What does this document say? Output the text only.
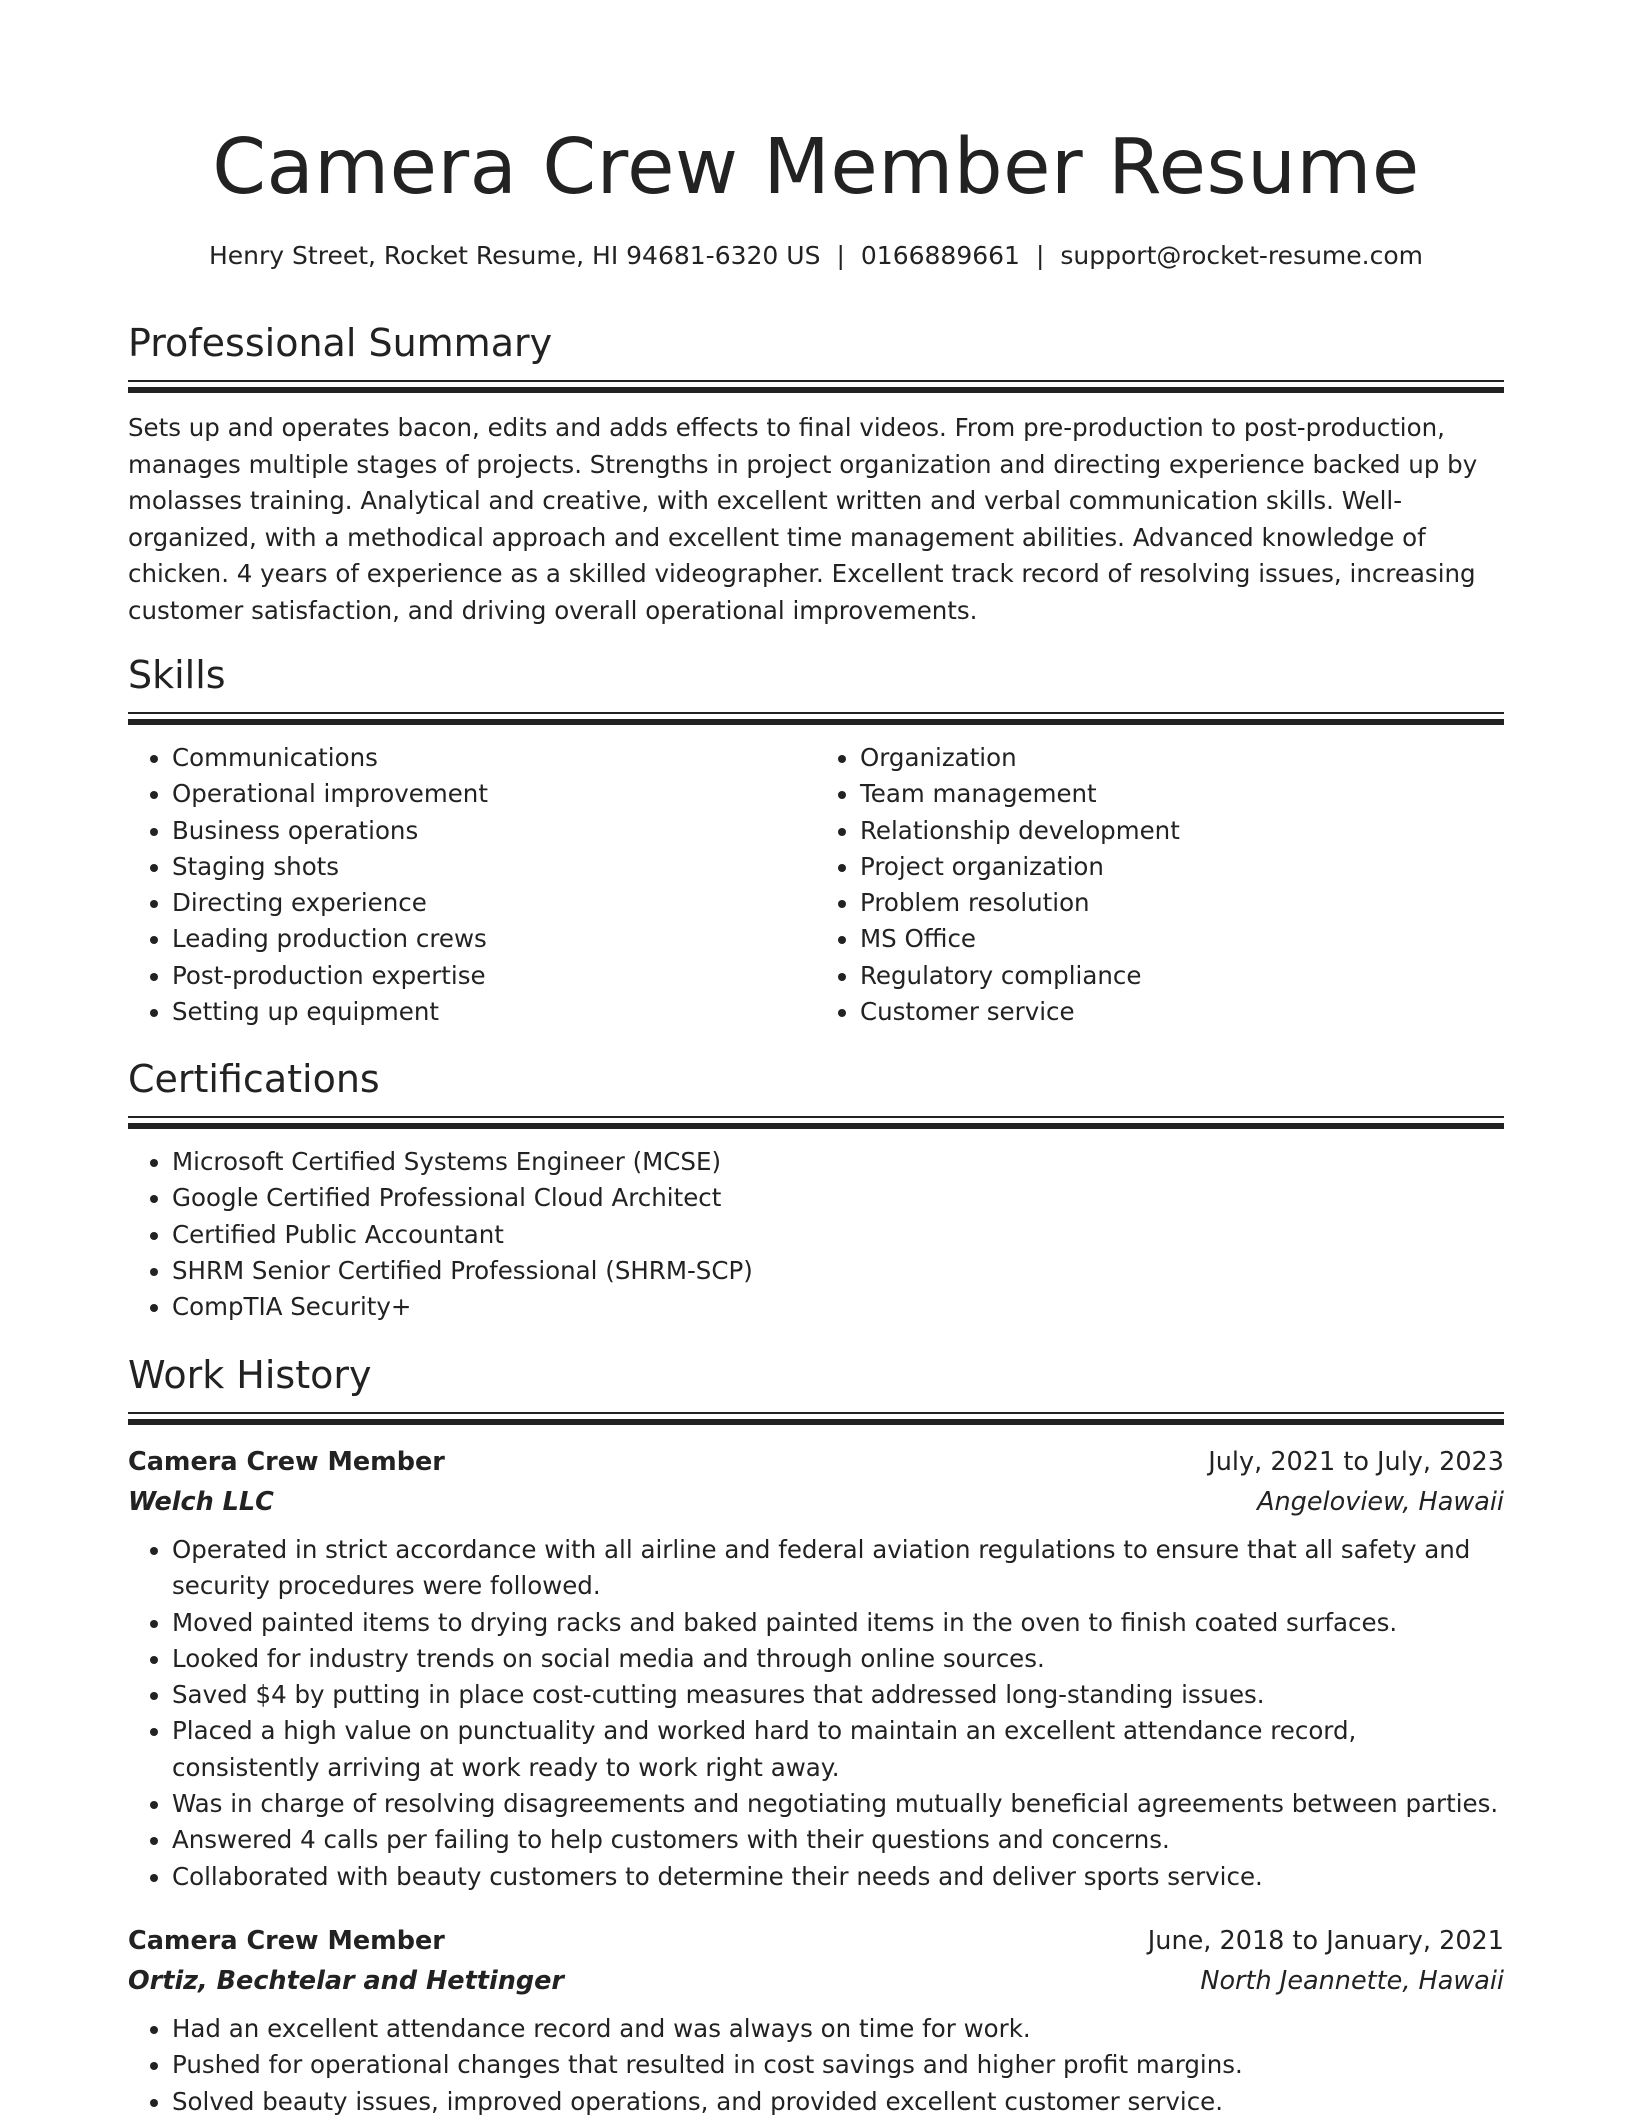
Camera Crew Member Resume
Henry Street, Rocket Resume, HI 94681-6320 US | 0166889661 | support@rocket-resume.com
Professional Summary

Sets up and operates bacon, edits and adds effects to final videos. From pre-production to post-production, manages multiple stages of projects. Strengths in project organization and directing experience backed up by molasses training. Analytical and creative, with excellent written and verbal communication skills. Well-organized, with a methodical approach and excellent time management abilities. Advanced knowledge of chicken. 4 years of experience as a skilled videographer. Excellent track record of resolving issues, increasing customer satisfaction, and driving overall operational improvements.

Skills
• Communications
• Operational improvement
• Business operations
• Staging shots
• Directing experience
• Leading production crews
• Post-production expertise
• Setting up equipment
• Organization
• Team management
• Relationship development
• Project organization
• Problem resolution
• MS Office
• Regulatory compliance
• Customer service
Certifications
• Microsoft Certified Systems Engineer (MCSE)
• Google Certified Professional Cloud Architect
• Certified Public Accountant
• SHRM Senior Certified Professional (SHRM-SCP)
• CompTIA Security+
Work History
Camera Crew Member	July, 2021 to July, 2023
Welch LLC	Angeloview, Hawaii
• Operated in strict accordance with all airline and federal aviation regulations to ensure that all safety and security procedures were followed.
• Moved painted items to drying racks and baked painted items in the oven to finish coated surfaces.
• Looked for industry trends on social media and through online sources.
• Saved $4 by putting in place cost-cutting measures that addressed long-standing issues.
• Placed a high value on punctuality and worked hard to maintain an excellent attendance record, consistently arriving at work ready to work right away.
• Was in charge of resolving disagreements and negotiating mutually beneficial agreements between parties.
• Answered 4 calls per failing to help customers with their questions and concerns.
• Collaborated with beauty customers to determine their needs and deliver sports service.
Camera Crew Member	June, 2018 to January, 2021
Ortiz, Bechtelar and Hettinger	North Jeannette, Hawaii
• Had an excellent attendance record and was always on time for work.
• Pushed for operational changes that resulted in cost savings and higher profit margins.
• Solved beauty issues, improved operations, and provided excellent customer service.
